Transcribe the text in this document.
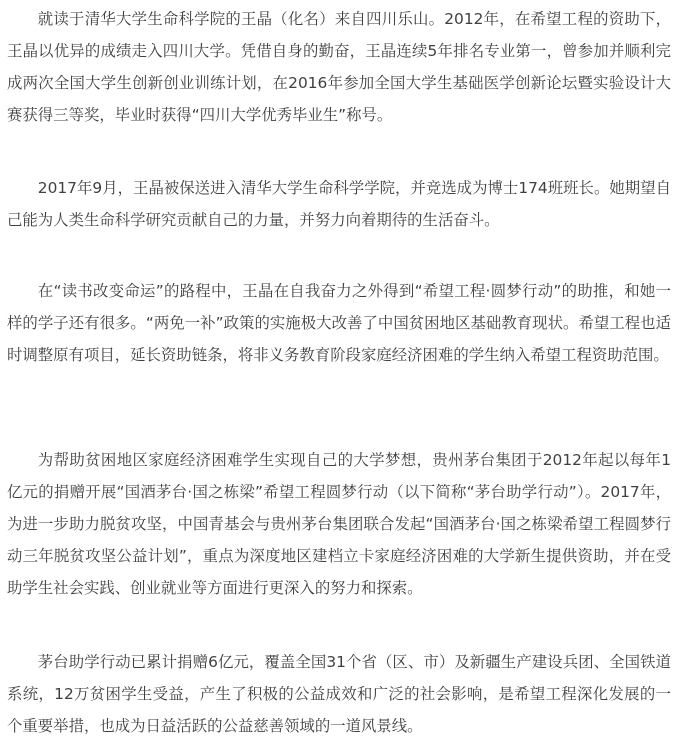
就读于清华大学生命科学院的王晶（化名）来自四川乐山。2012年，在希望工程的资助下，王晶以优异的成绩走入四川大学。凭借自身的勤奋，王晶连续5年排名专业第一，曾参加并顺利完成两次全国大学生创新创业训练计划，在2016年参加全国大学生基础医学创新论坛暨实验设计大赛获得三等奖，毕业时获得“四川大学优秀毕业生”称号。

2017年9月，王晶被保送进入清华大学生命科学学院，并竞选成为博士174班班长。她期望自己能为人类生命科学研究贡献自己的力量，并努力向着期待的生活奋斗。

在“读书改变命运”的路程中，王晶在自我奋力之外得到“希望工程·圆梦行动”的助推，和她一样的学子还有很多。“两免一补”政策的实施极大改善了中国贫困地区基础教育现状。希望工程也适时调整原有项目，延长资助链条，将非义务教育阶段家庭经济困难的学生纳入希望工程资助范围。

为帮助贫困地区家庭经济困难学生实现自己的大学梦想，贵州茅台集团于2012年起以每年1亿元的捐赠开展“国酒茅台·国之栋梁”希望工程圆梦行动（以下简称“茅台助学行动”）。2017年，为进一步助力脱贫攻坚，中国青基会与贵州茅台集团联合发起“国酒茅台·国之栋梁希望工程圆梦行动三年脱贫攻坚公益计划”，重点为深度地区建档立卡家庭经济困难的大学新生提供资助，并在受助学生社会实践、创业就业等方面进行更深入的努力和探索。

茅台助学行动已累计捐赠6亿元，覆盖全国31个省（区、市）及新疆生产建设兵团、全国铁道系统，12万贫困学生受益，产生了积极的公益成效和广泛的社会影响，是希望工程深化发展的一个重要举措，也成为日益活跃的公益慈善领域的一道风景线。
